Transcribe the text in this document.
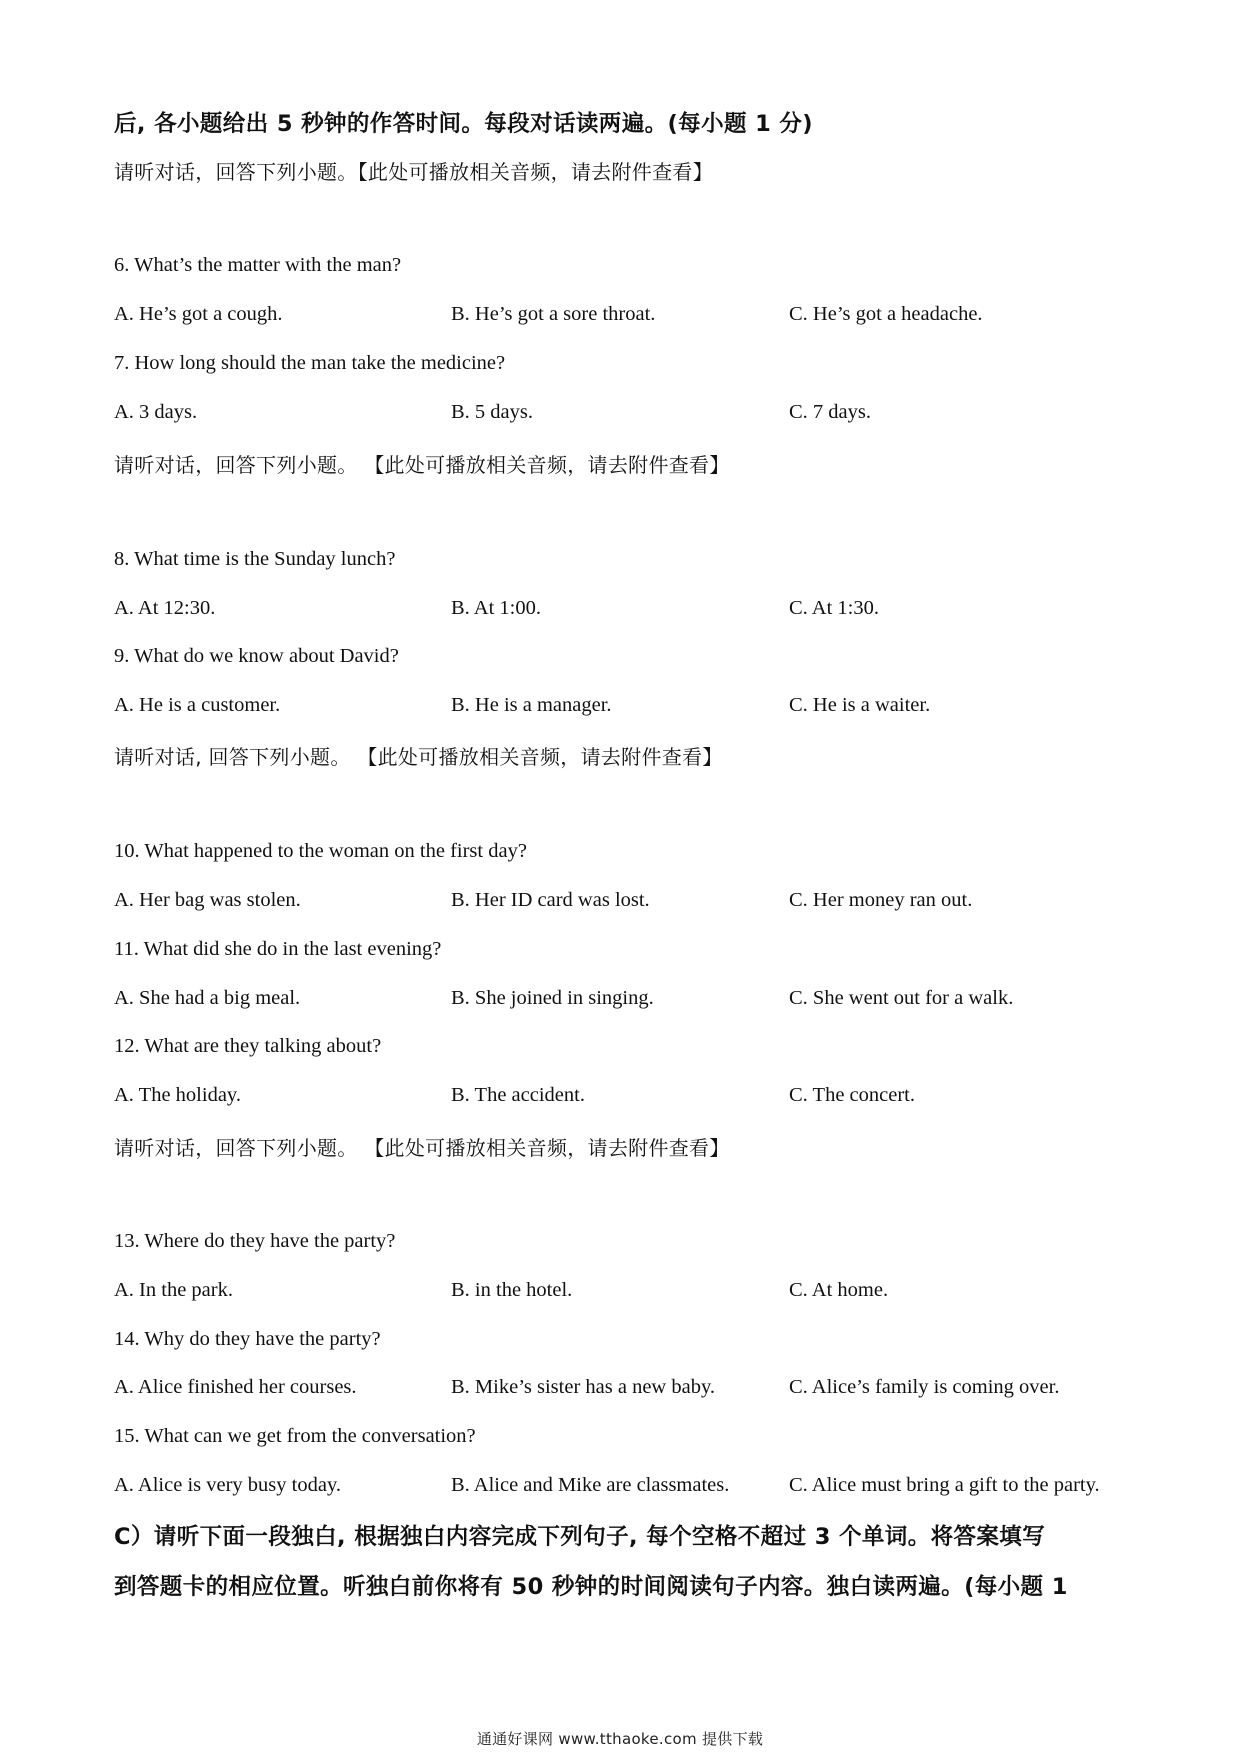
后, 各小题给出 5 秒钟的作答时间。每段对话读两遍。(每小题 1 分)
请听对话，回答下列小题。【此处可播放相关音频，请去附件查看】
6. What’s the matter with the man?
A. He’s got a cough.	B. He’s got a sore throat.	C. He’s got a headache.
7. How long should the man take the medicine?
A. 3 days.	B. 5 days.	C. 7 days.
请听对话，回答下列小题。 【此处可播放相关音频，请去附件查看】
8. What time is the Sunday lunch?
A. At 12:30.	B. At 1:00.	C. At 1:30.
9. What do we know about David?
A. He is a customer.	B. He is a manager.	C. He is a waiter.
请听对话, 回答下列小题。 【此处可播放相关音频，请去附件查看】
10. What happened to the woman on the first day?
A. Her bag was stolen.	B. Her ID card was lost.	C. Her money ran out.
11. What did she do in the last evening?
A. She had a big meal.	B. She joined in singing.	C. She went out for a walk.
12. What are they talking about?
A. The holiday.	B. The accident.	C. The concert.
请听对话，回答下列小题。 【此处可播放相关音频，请去附件查看】
13. Where do they have the party?
A. In the park.	B. in the hotel.	C. At home.
14. Why do they have the party?
A. Alice finished her courses.	B. Mike’s sister has a new baby.	C. Alice’s family is coming over.
15. What can we get from the conversation?
A. Alice is very busy today.	B. Alice and Mike are classmates.	C. Alice must bring a gift to the party.
C）请听下面一段独白, 根据独白内容完成下列句子, 每个空格不超过 3 个单词。将答案填写
到答题卡的相应位置。听独白前你将有 50 秒钟的时间阅读句子内容。独白读两遍。(每小题 1
通通好课网 www.tthaoke.com 提供下载
